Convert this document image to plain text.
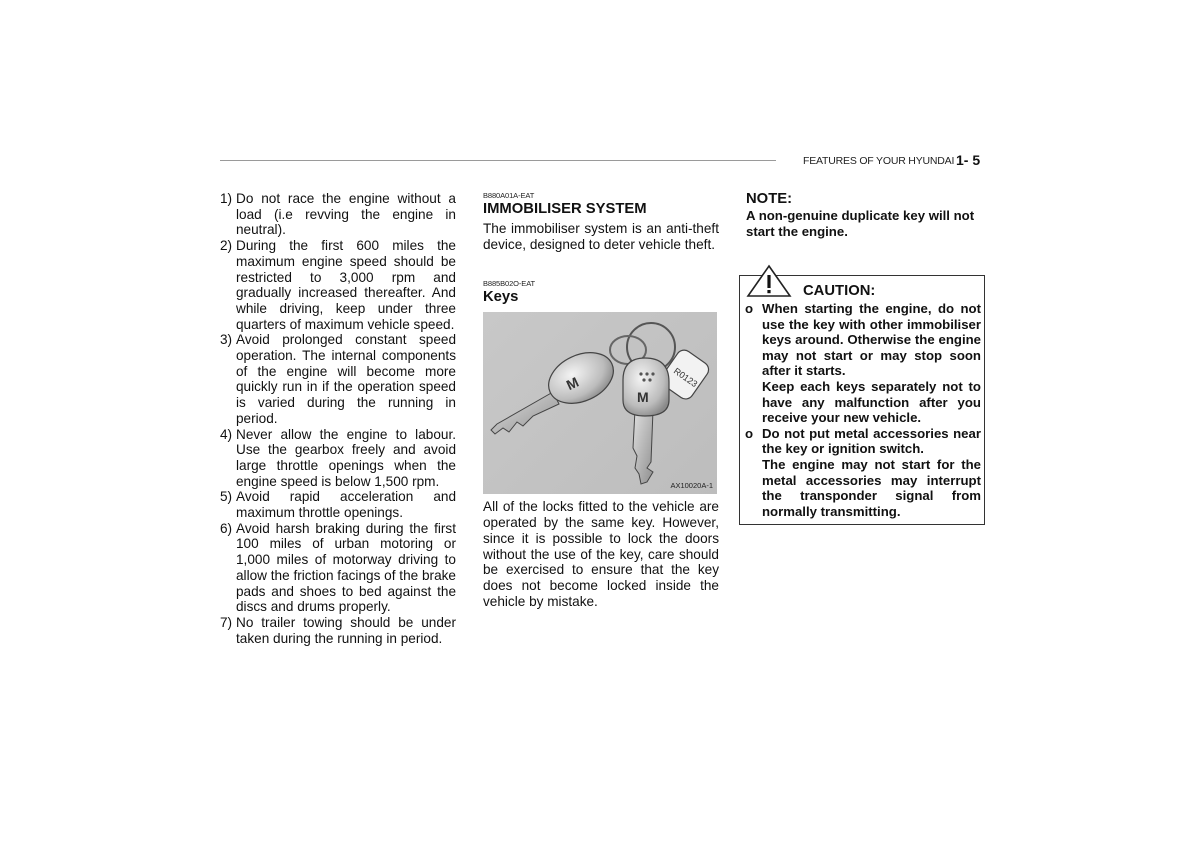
FEATURES OF YOUR HYUNDAI 1- 5
1) Do not race the engine without a load (i.e revving the engine in neutral).
2) During the first 600 miles the maximum engine speed should be restricted to 3,000 rpm and gradually increased thereafter. And while driving, keep under three quarters of maximum vehicle speed.
3) Avoid prolonged constant speed operation. The internal components of the engine will become more quickly run in if the operation speed is varied during the running in period.
4) Never allow the engine to labour. Use the gearbox freely and avoid large throttle openings when the engine speed is below 1,500 rpm.
5) Avoid rapid acceleration and maximum throttle openings.
6) Avoid harsh braking during the first 100 miles of urban motoring or 1,000 miles of motorway driving to allow the friction facings of the brake pads and shoes to bed against the discs and drums properly.
7) No trailer towing should be under taken during the running in period.
B880A01A-EAT
IMMOBILISER SYSTEM

The immobiliser system is an anti-theft device, designed to deter vehicle theft.

B885B02O-EAT
Keys
R0123
M
M
AX10020A-1

All of the locks fitted to the vehicle are operated by the same key. However, since it is possible to lock the doors without the use of the key, care should be exercised to ensure that the key does not become locked inside the vehicle by mistake.

NOTE:

A non-genuine duplicate key will not start the engine.

CAUTION:
o When starting the engine, do not use the key with other immobiliser keys around. Otherwise the engine may not start or may stop soon after it starts.
Keep each keys separately not to have any malfunction after you receive your new vehicle.
o Do not put metal accessories near the key or ignition switch.
The engine may not start for the metal accessories may interrupt the transponder signal from normally transmitting.
